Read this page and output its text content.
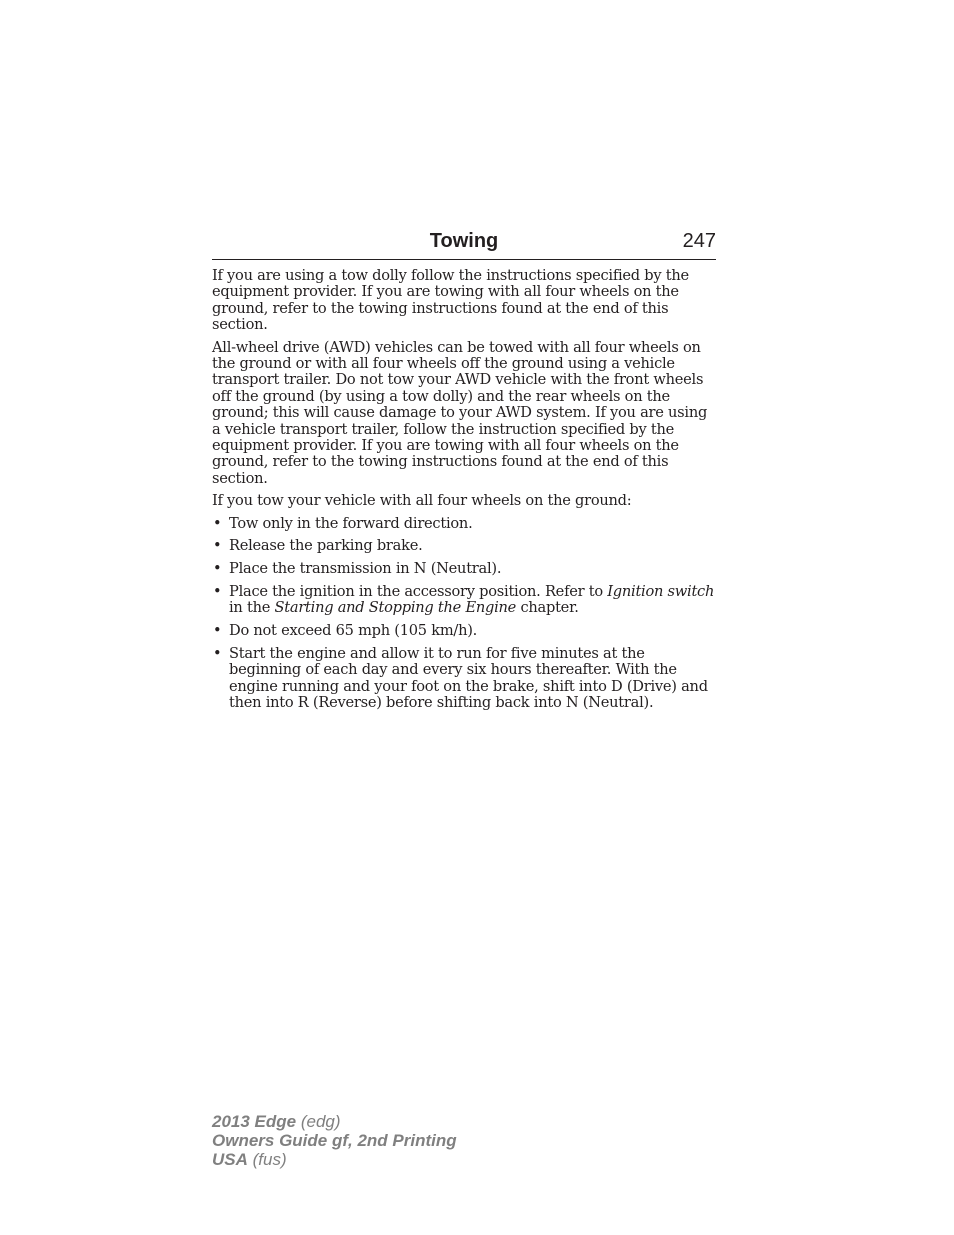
Towing	247

If you are using a tow dolly follow the instructions specified by the equipment provider. If you are towing with all four wheels on the ground, refer to the towing instructions found at the end of this section.

All-wheel drive (AWD) vehicles can be towed with all four wheels on the ground or with all four wheels off the ground using a vehicle transport trailer. Do not tow your AWD vehicle with the front wheels off the ground (by using a tow dolly) and the rear wheels on the ground; this will cause damage to your AWD system. If you are using a vehicle transport trailer, follow the instruction specified by the equipment provider. If you are towing with all four wheels on the ground, refer to the towing instructions found at the end of this section.

If you tow your vehicle with all four wheels on the ground:

• Tow only in the forward direction.
• Release the parking brake.
• Place the transmission in N (Neutral).
• Place the ignition in the accessory position. Refer to Ignition switch in the Starting and Stopping the Engine chapter.
• Do not exceed 65 mph (105 km/h).
• Start the engine and allow it to run for five minutes at the beginning of each day and every six hours thereafter. With the engine running and your foot on the brake, shift into D (Drive) and then into R (Reverse) before shifting back into N (Neutral).
2013 Edge (edg)
Owners Guide gf, 2nd Printing
USA (fus)
